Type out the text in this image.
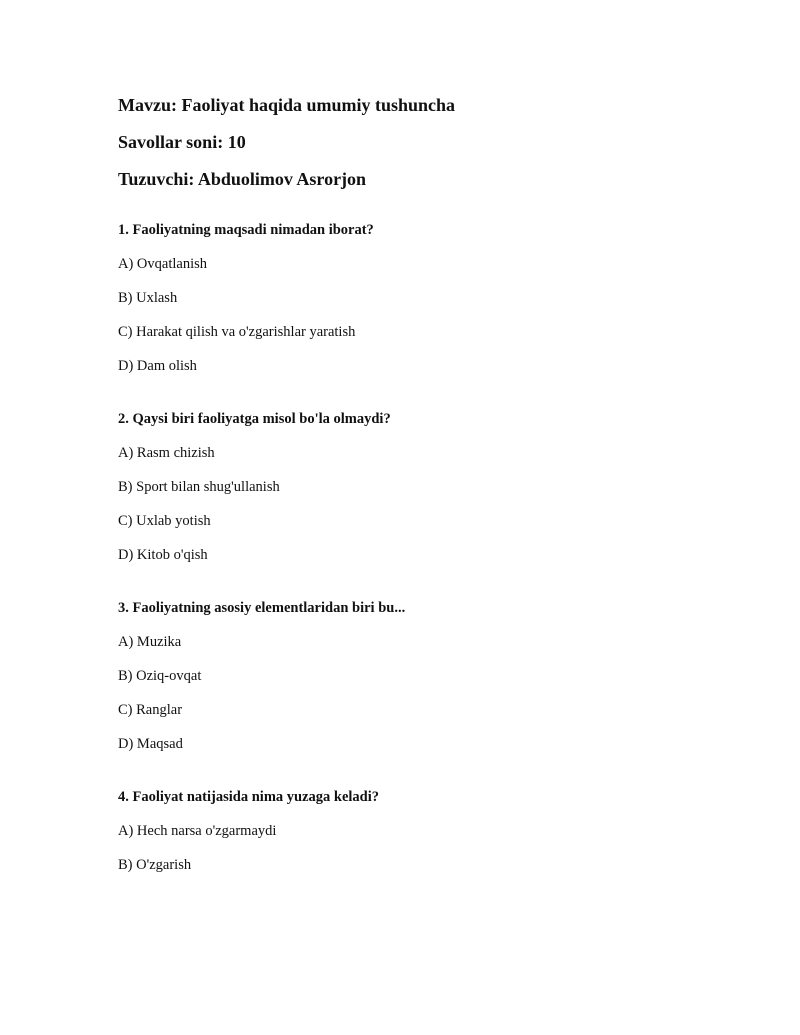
Mavzu: Faoliyat haqida umumiy tushuncha
Savollar soni: 10
Tuzuvchi: Abduolimov Asrorjon
1. Faoliyatning maqsadi nimadan iborat?
A) Ovqatlanish
B) Uxlash
C) Harakat qilish va o'zgarishlar yaratish
D) Dam olish
2. Qaysi biri faoliyatga misol bo'la olmaydi?
A) Rasm chizish
B) Sport bilan shug'ullanish
C) Uxlab yotish
D) Kitob o'qish
3. Faoliyatning asosiy elementlaridan biri bu...
A) Muzika
B) Oziq-ovqat
C) Ranglar
D) Maqsad
4. Faoliyat natijasida nima yuzaga keladi?
A) Hech narsa o'zgarmaydi
B) O'zgarish
